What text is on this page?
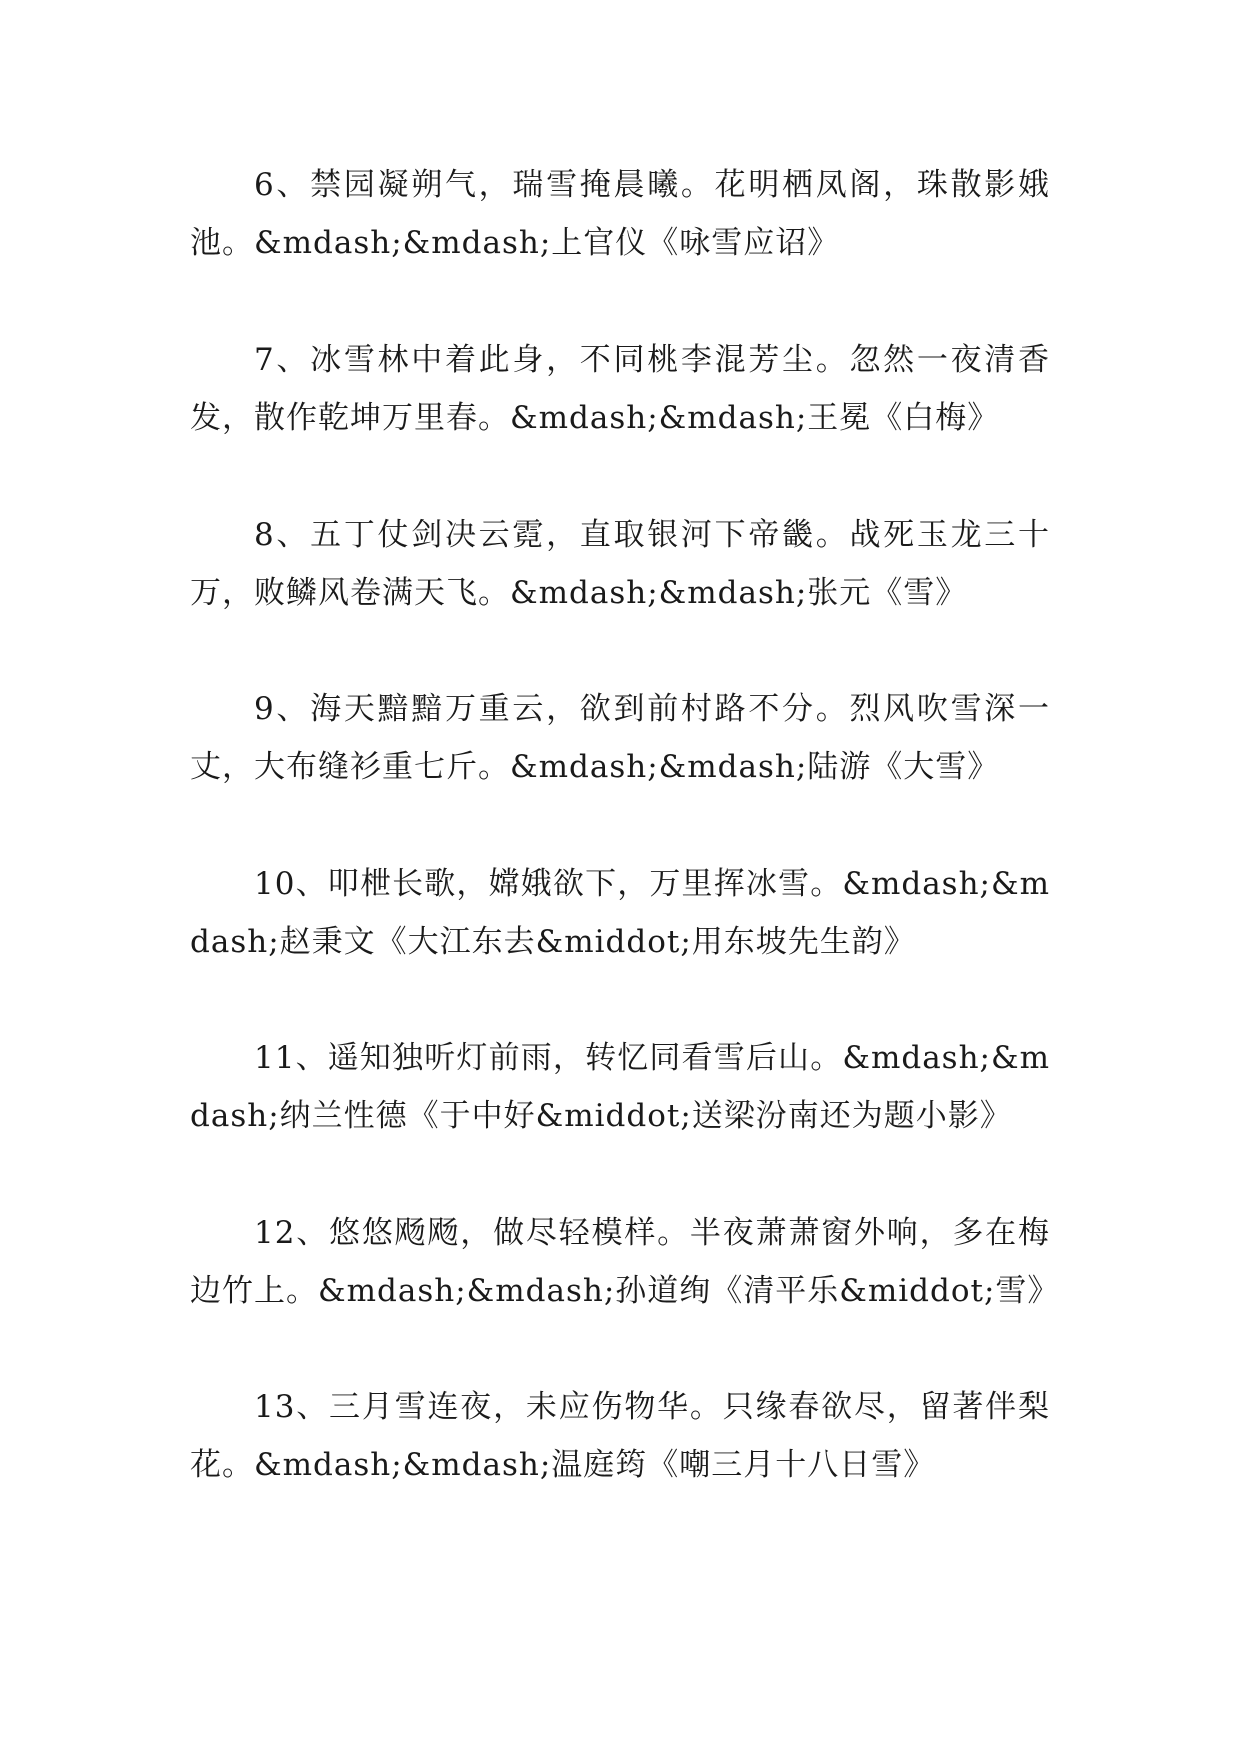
6、禁园凝朔气，瑞雪掩晨曦。花明栖凤阁，珠散影娥池。&mdash;&mdash;上官仪《咏雪应诏》

7、冰雪林中着此身，不同桃李混芳尘。忽然一夜清香发，散作乾坤万里春。&mdash;&mdash;王冕《白梅》

8、五丁仗剑决云霓，直取银河下帝畿。战死玉龙三十万，败鳞风卷满天飞。&mdash;&mdash;张元《雪》

9、海天黯黯万重云，欲到前村路不分。烈风吹雪深一丈，大布缝衫重七斤。&mdash;&mdash;陆游《大雪》

10、叩枻长歌，嫦娥欲下，万里挥冰雪。&mdash;&mdash;赵秉文《大江东去&middot;用东坡先生韵》

11、遥知独听灯前雨，转忆同看雪后山。&mdash;&mdash;纳兰性德《于中好&middot;送梁汾南还为题小影》

12、悠悠飏飏，做尽轻模样。半夜萧萧窗外响，多在梅边竹上。&mdash;&mdash;孙道绚《清平乐&middot;雪》

13、三月雪连夜，未应伤物华。只缘春欲尽，留著伴梨花。&mdash;&mdash;温庭筠《嘲三月十八日雪》
